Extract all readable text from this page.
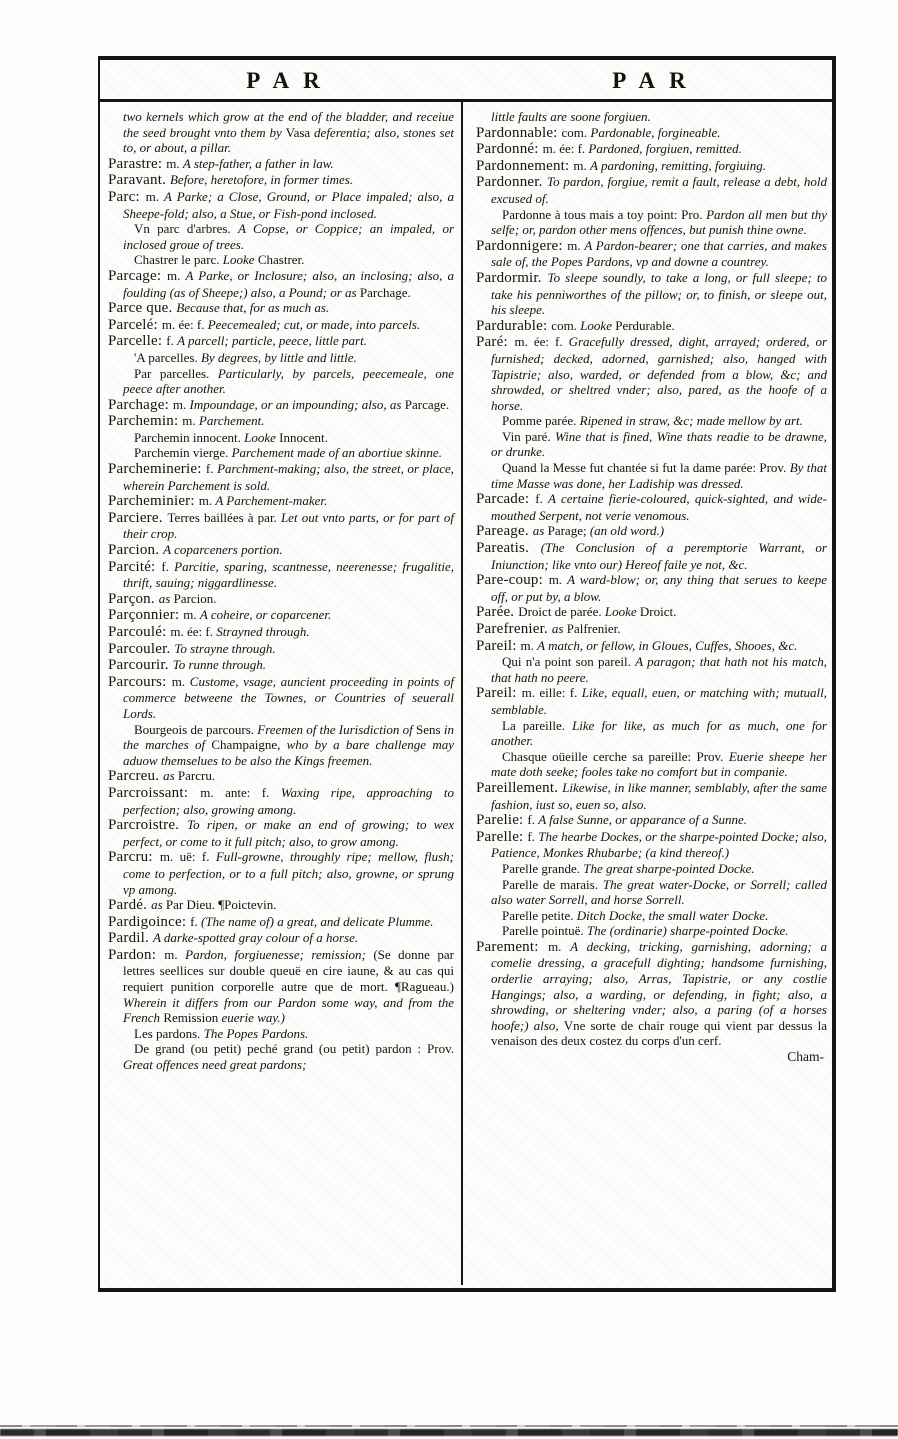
PAR	PAR

two kernels which grow at the end of the bladder, and receiue the seed brought vnto them by Vasa deferentia; also, stones set to, or about, a pillar.

Parastre: m. A step-father, a father in law.

Paravant. Before, heretofore, in former times.

Parc: m. A Parke; a Close, Ground, or Place impaled; also, a Sheepe-fold; also, a Stue, or Fish-pond inclosed.

Vn parc d'arbres. A Copse, or Coppice; an impaled, or inclosed groue of trees.

Chastrer le parc. Looke Chastrer.

Parcage: m. A Parke, or Inclosure; also, an inclosing; also, a foulding (as of Sheepe;) also, a Pound; or as Parchage.

Parce que. Because that, for as much as.

Parcelé: m. ée: f. Peecemealed; cut, or made, into parcels.

Parcelle: f. A parcell; particle, peece, little part.

'A parcelles. By degrees, by little and little.

Par parcelles. Particularly, by parcels, peecemeale, one peece after another.

Parchage: m. Impoundage, or an impounding; also, as Parcage.

Parchemin: m. Parchement.

Parchemin innocent. Looke Innocent.

Parchemin vierge. Parchement made of an abortiue skinne.

Parcheminerie: f. Parchment-making; also, the street, or place, wherein Parchement is sold.

Parcheminier: m. A Parchement-maker.

Parciere. Terres baillées à par. Let out vnto parts, or for part of their crop.

Parcion. A coparceners portion.

Parcité: f. Parcitie, sparing, scantnesse, neerenesse; frugalitie, thrift, sauing; niggardlinesse.

Parçon. as Parcion.

Parçonnier: m. A coheire, or coparcener.

Parcoulé: m. ée: f. Strayned through.

Parcouler. To strayne through.

Parcourir. To runne through.

Parcours: m. Custome, vsage, auncient proceeding in points of commerce betweene the Townes, or Countries of seuerall Lords.

Bourgeois de parcours. Freemen of the Iurisdiction of Sens in the marches of Champaigne, who by a bare challenge may aduow themselues to be also the Kings freemen.

Parcreu. as Parcru.

Parcroissant: m. ante: f. Waxing ripe, approaching to perfection; also, growing among.

Parcroistre. To ripen, or make an end of growing; to wex perfect, or come to it full pitch; also, to grow among.

Parcru: m. uë: f. Full-growne, throughly ripe; mellow, flush; come to perfection, or to a full pitch; also, growne, or sprung vp among.

Pardé. as Par Dieu. ¶Poictevin.

Pardigoince: f. (The name of) a great, and delicate Plumme.

Pardil. A darke-spotted gray colour of a horse.

Pardon: m. Pardon, forgiuenesse; remission; (Se donne par lettres seellices sur double queuë en cire iaune, & au cas qui requiert punition corporelle autre que de mort. ¶Ragueau.) Wherein it differs from our Pardon some way, and from the French Remission euerie way.)

Les pardons. The Popes Pardons.

De grand (ou petit) peché grand (ou petit) pardon : Prov. Great offences need great pardons;

little faults are soone forgiuen.

Pardonnable: com. Pardonable, forgineable.

Pardonné: m. ée: f. Pardoned, forgiuen, remitted.

Pardonnement: m. A pardoning, remitting, forgiuing.

Pardonner. To pardon, forgiue, remit a fault, release a debt, hold excused of.

Pardonne à tous mais a toy point: Pro. Pardon all men but thy selfe; or, pardon other mens offences, but punish thine owne.

Pardonnigere: m. A Pardon-bearer; one that carries, and makes sale of, the Popes Pardons, vp and downe a countrey.

Pardormir. To sleepe soundly, to take a long, or full sleepe; to take his penniworthes of the pillow; or, to finish, or sleepe out, his sleepe.

Pardurable: com. Looke Perdurable.

Paré: m. ée: f. Gracefully dressed, dight, arrayed; ordered, or furnished; decked, adorned, garnished; also, hanged with Tapistrie; also, warded, or defended from a blow, &c; and shrowded, or sheltred vnder; also, pared, as the hoofe of a horse.

Pomme parée. Ripened in straw, &c; made mellow by art.

Vin paré. Wine that is fined, Wine thats readie to be drawne, or drunke.

Quand la Messe fut chantée si fut la dame parée: Prov. By that time Masse was done, her Ladiship was dressed.

Parcade: f. A certaine fierie-coloured, quick-sighted, and wide-mouthed Serpent, not verie venomous.

Pareage. as Parage; (an old word.)

Pareatis. (The Conclusion of a peremptorie Warrant, or Iniunction; like vnto our) Hereof faile ye not, &c.

Pare-coup: m. A ward-blow; or, any thing that serues to keepe off, or put by, a blow.

Parée. Droict de parée. Looke Droict.

Parefrenier. as Palfrenier.

Pareil: m. A match, or fellow, in Gloues, Cuffes, Shooes, &c.

Qui n'a point son pareil. A paragon; that hath not his match, that hath no peere.

Pareil: m. eille: f. Like, equall, euen, or matching with; mutuall, semblable.

La pareille. Like for like, as much for as much, one for another.

Chasque oüeille cerche sa pareille: Prov. Euerie sheepe her mate doth seeke; fooles take no comfort but in companie.

Pareillement. Likewise, in like manner, semblably, after the same fashion, iust so, euen so, also.

Parelie: f. A false Sunne, or apparance of a Sunne.

Parelle: f. The hearbe Dockes, or the sharpe-pointed Docke; also, Patience, Monkes Rhubarbe; (a kind thereof.)

Parelle grande. The great sharpe-pointed Docke.

Parelle de marais. The great water-Docke, or Sorrell; called also water Sorrell, and horse Sorrell.

Parelle petite. Ditch Docke, the small water Docke.

Parelle pointuë. The (ordinarie) sharpe-pointed Docke.

Parement: m. A decking, tricking, garnishing, adorning; a comelie dressing, a gracefull dighting; handsome furnishing, orderlie arraying; also, Arras, Tapistrie, or any costlie Hangings; also, a warding, or defending, in fight; also, a shrowding, or sheltering vnder; also, a paring (of a horses hoofe;) also, Vne sorte de chair rouge qui vient par dessus la venaison des deux costez du corps d'un cerf.

Cham-
